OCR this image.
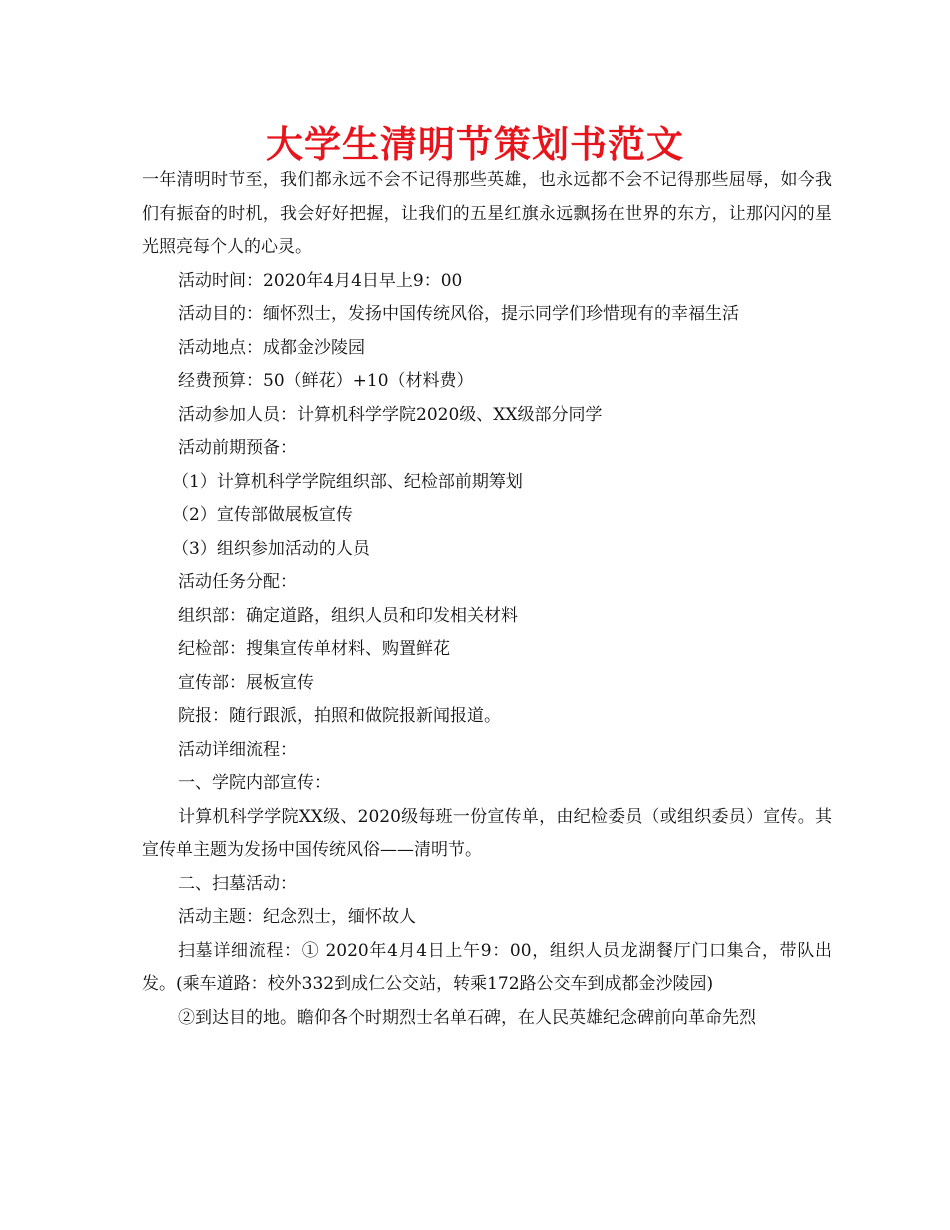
大学生清明节策划书范文

一年清明时节至，我们都永远不会不记得那些英雄，也永远都不会不记得那些屈辱，如今我们有振奋的时机，我会好好把握，让我们的五星红旗永远飘扬在世界的东方，让那闪闪的星光照亮每个人的心灵。

活动时间：2020年4月4日早上9：00

活动目的：缅怀烈士，发扬中国传统风俗，提示同学们珍惜现有的幸福生活

活动地点：成都金沙陵园

经费预算：50（鲜花）+10（材料费）

活动参加人员：计算机科学学院2020级、XX级部分同学

活动前期预备：

（1）计算机科学学院组织部、纪检部前期筹划

（2）宣传部做展板宣传

（3）组织参加活动的人员

活动任务分配：

组织部：确定道路，组织人员和印发相关材料

纪检部：搜集宣传单材料、购置鲜花

宣传部：展板宣传

院报：随行跟派，拍照和做院报新闻报道。

活动详细流程：

一、学院内部宣传：

计算机科学学院XX级、2020级每班一份宣传单，由纪检委员（或组织委员）宣传。其宣传单主题为发扬中国传统风俗——清明节。

二、扫墓活动：

活动主题：纪念烈士，缅怀故人

扫墓详细流程：① 2020年4月4日上午9：00，组织人员龙湖餐厅门口集合，带队出发。(乘车道路：校外332到成仁公交站，转乘172路公交车到成都金沙陵园)

②到达目的地。瞻仰各个时期烈士名单石碑，在人民英雄纪念碑前向革命先烈
